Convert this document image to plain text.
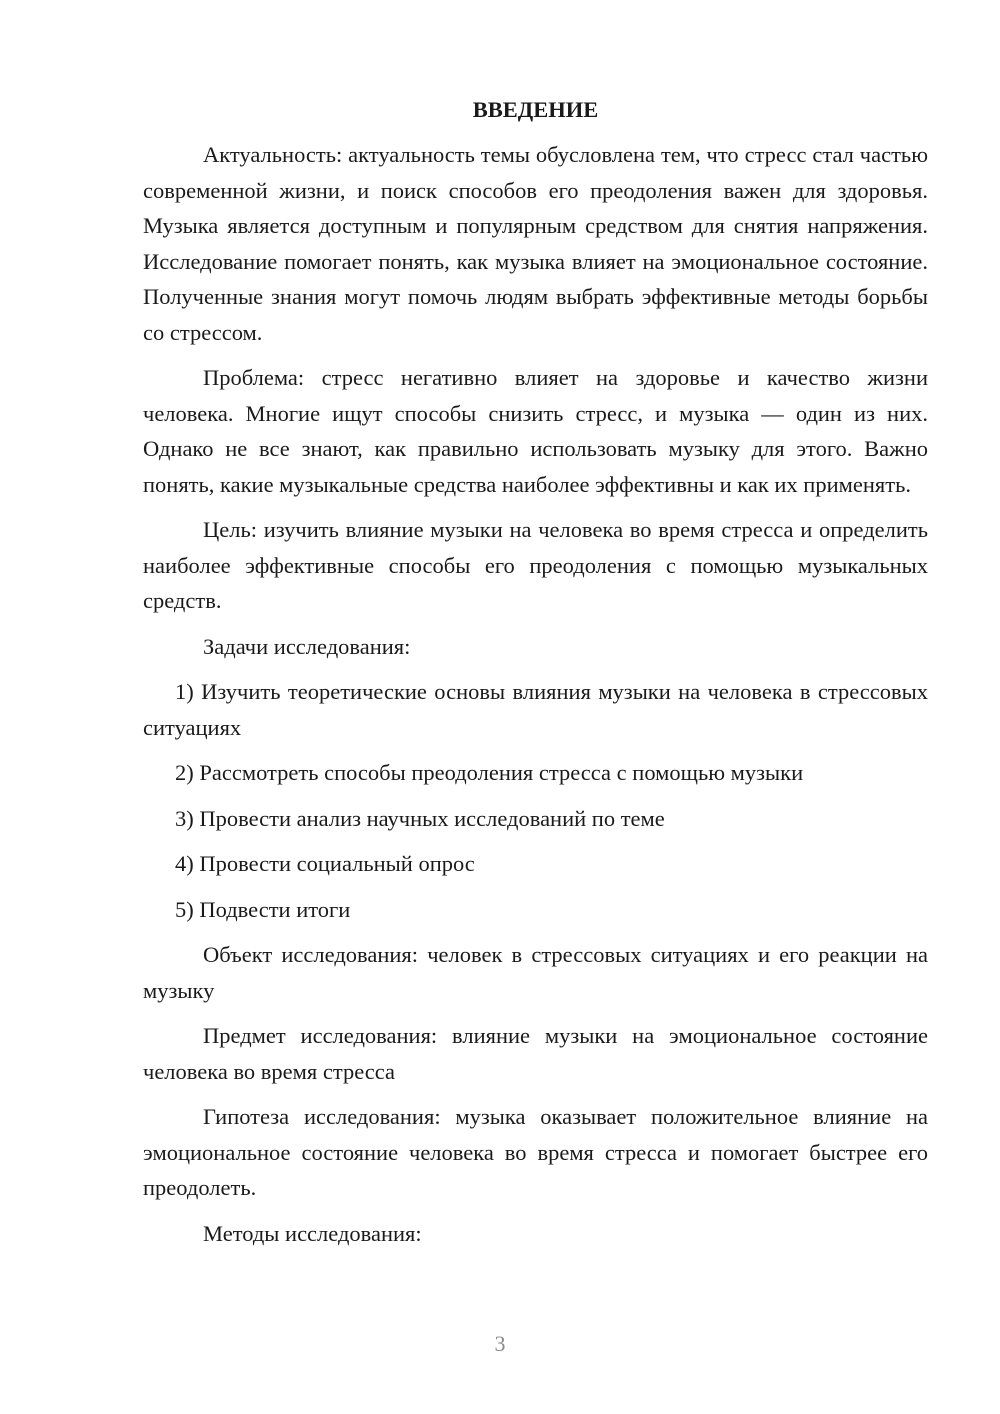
ВВЕДЕНИЕ

Актуальность: актуальность темы обусловлена тем, что стресс стал частью современной жизни, и поиск способов его преодоления важен для здоровья. Музыка является доступным и популярным средством для снятия напряжения. Исследование помогает понять, как музыка влияет на эмоциональное состояние. Полученные знания могут помочь людям выбрать эффективные методы борьбы со стрессом.

Проблема: стресс негативно влияет на здоровье и качество жизни человека. Многие ищут способы снизить стресс, и музыка — один из них. Однако не все знают, как правильно использовать музыку для этого. Важно понять, какие музыкальные средства наиболее эффективны и как их применять.

Цель: изучить влияние музыки на человека во время стресса и определить наиболее эффективные способы его преодоления с помощью музыкальных средств.

Задачи исследования:

1) Изучить теоретические основы влияния музыки на человека в стрессовых ситуациях

2) Рассмотреть способы преодоления стресса с помощью музыки

3) Провести анализ научных исследований по теме

4) Провести социальный опрос

5) Подвести итоги

Объект исследования: человек в стрессовых ситуациях и его реакции на музыку

Предмет исследования: влияние музыки на эмоциональное состояние человека во время стресса

Гипотеза исследования: музыка оказывает положительное влияние на эмоциональное состояние человека во время стресса и помогает быстрее его преодолеть.

Методы исследования:

3
